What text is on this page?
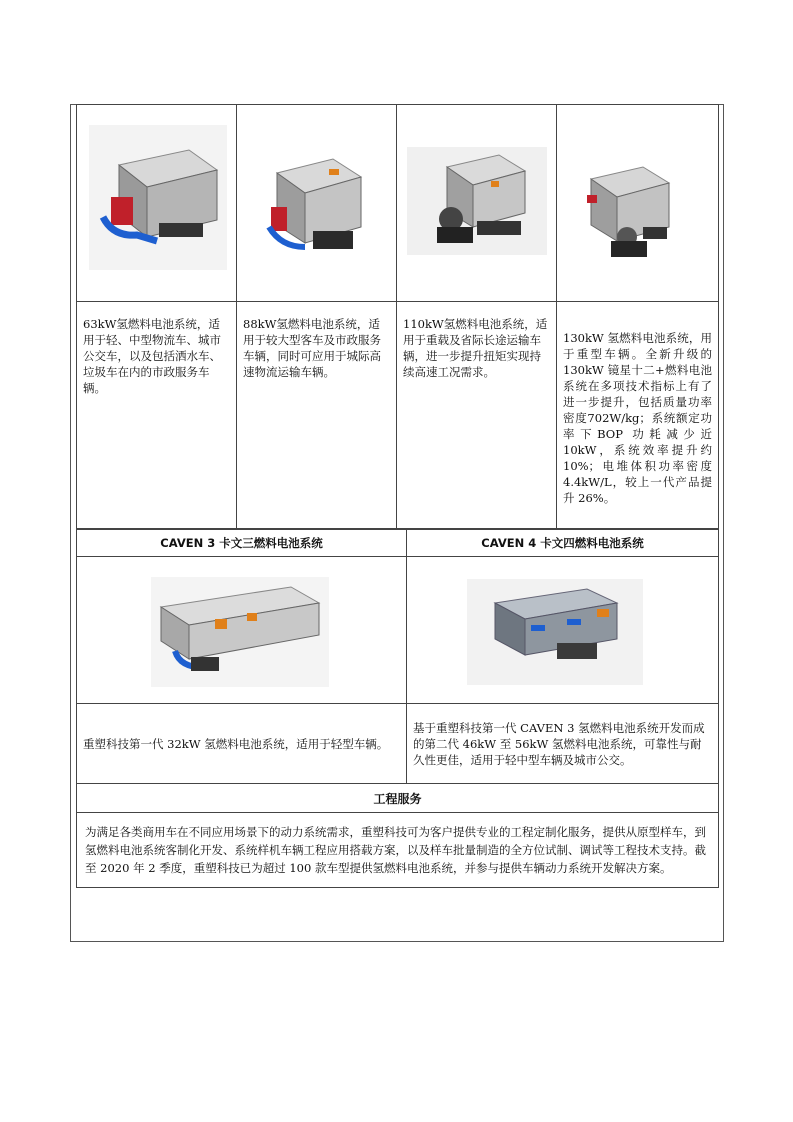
63kW氢燃料电池系统，适用于轻、中型物流车、城市公交车，以及包括洒水车、垃圾车在内的市政服务车辆。	88kW氢燃料电池系统，适用于较大型客车及市政服务车辆，同时可应用于城际高速物流运输车辆。	110kW氢燃料电池系统，适用于重载及省际长途运输车辆，进一步提升扭矩实现持续高速工况需求。	130kW 氢燃料电池系统，用于重型车辆。全新升级的 130kW 镜星十二+燃料电池系统在多项技术指标上有了进一步提升，包括质量功率密度702W/kg；系统额定功率下BOP 功耗减少近 10kW，系统效率提升约 10%；电堆体积功率密度4.4kW/L，较上一代产品提升 26%。
CAVEN 3 卡文三燃料电池系统	CAVEN 4 卡文四燃料电池系统

重塑科技第一代 32kW 氢燃料电池系统，适用于轻型车辆。	基于重塑科技第一代 CAVEN 3 氢燃料电池系统开发而成的第二代 46kW 至 56kW 氢燃料电池系统，可靠性与耐久性更佳，适用于轻中型车辆及城市公交。
工程服务	
为满足各类商用车在不同应用场景下的动力系统需求，重塑科技可为客户提供专业的工程定制化服务，提供从原型样车，到氢燃料电池系统客制化开发、系统样机车辆工程应用搭载方案，以及样车批量制造的全方位试制、调试等工程技术支持。截至 2020 年 2 季度，重塑科技已为超过 100 款车型提供氢燃料电池系统，并参与提供车辆动力系统开发解决方案。	
